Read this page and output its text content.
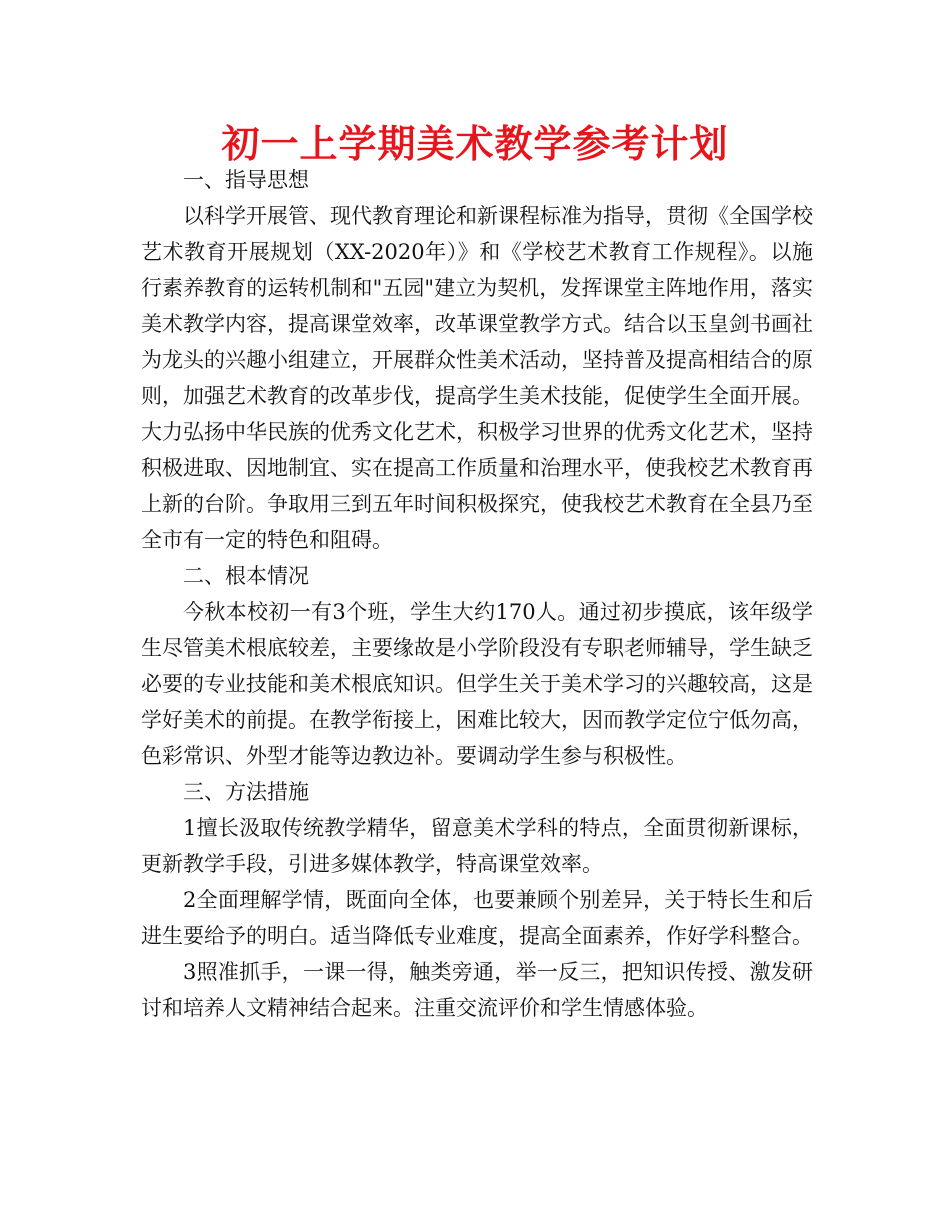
初一上学期美术教学参考计划

一、指导思想

以科学开展管、现代教育理论和新课程标准为指导，贯彻《全国学校艺术教育开展规划（XX-2020年）》和《学校艺术教育工作规程》。以施行素养教育的运转机制和"五园"建立为契机，发挥课堂主阵地作用，落实美术教学内容，提高课堂效率，改革课堂教学方式。结合以玉皇剑书画社为龙头的兴趣小组建立，开展群众性美术活动，坚持普及提高相结合的原则，加强艺术教育的改革步伐，提高学生美术技能，促使学生全面开展。大力弘扬中华民族的优秀文化艺术，积极学习世界的优秀文化艺术，坚持积极进取、因地制宜、实在提高工作质量和治理水平，使我校艺术教育再上新的台阶。争取用三到五年时间积极探究，使我校艺术教育在全县乃至全市有一定的特色和阻碍。

二、根本情况

今秋本校初一有3个班，学生大约170人。通过初步摸底，该年级学生尽管美术根底较差，主要缘故是小学阶段没有专职老师辅导，学生缺乏必要的专业技能和美术根底知识。但学生关于美术学习的兴趣较高，这是学好美术的前提。在教学衔接上，困难比较大，因而教学定位宁低勿高，色彩常识、外型才能等边教边补。要调动学生参与积极性。

三、方法措施

1擅长汲取传统教学精华，留意美术学科的特点，全面贯彻新课标，更新教学手段，引进多媒体教学，特高课堂效率。

2全面理解学情，既面向全体，也要兼顾个别差异，关于特长生和后进生要给予的明白。适当降低专业难度，提高全面素养，作好学科整合。

3照准抓手，一课一得，触类旁通，举一反三，把知识传授、激发研讨和培养人文精神结合起来。注重交流评价和学生情感体验。
